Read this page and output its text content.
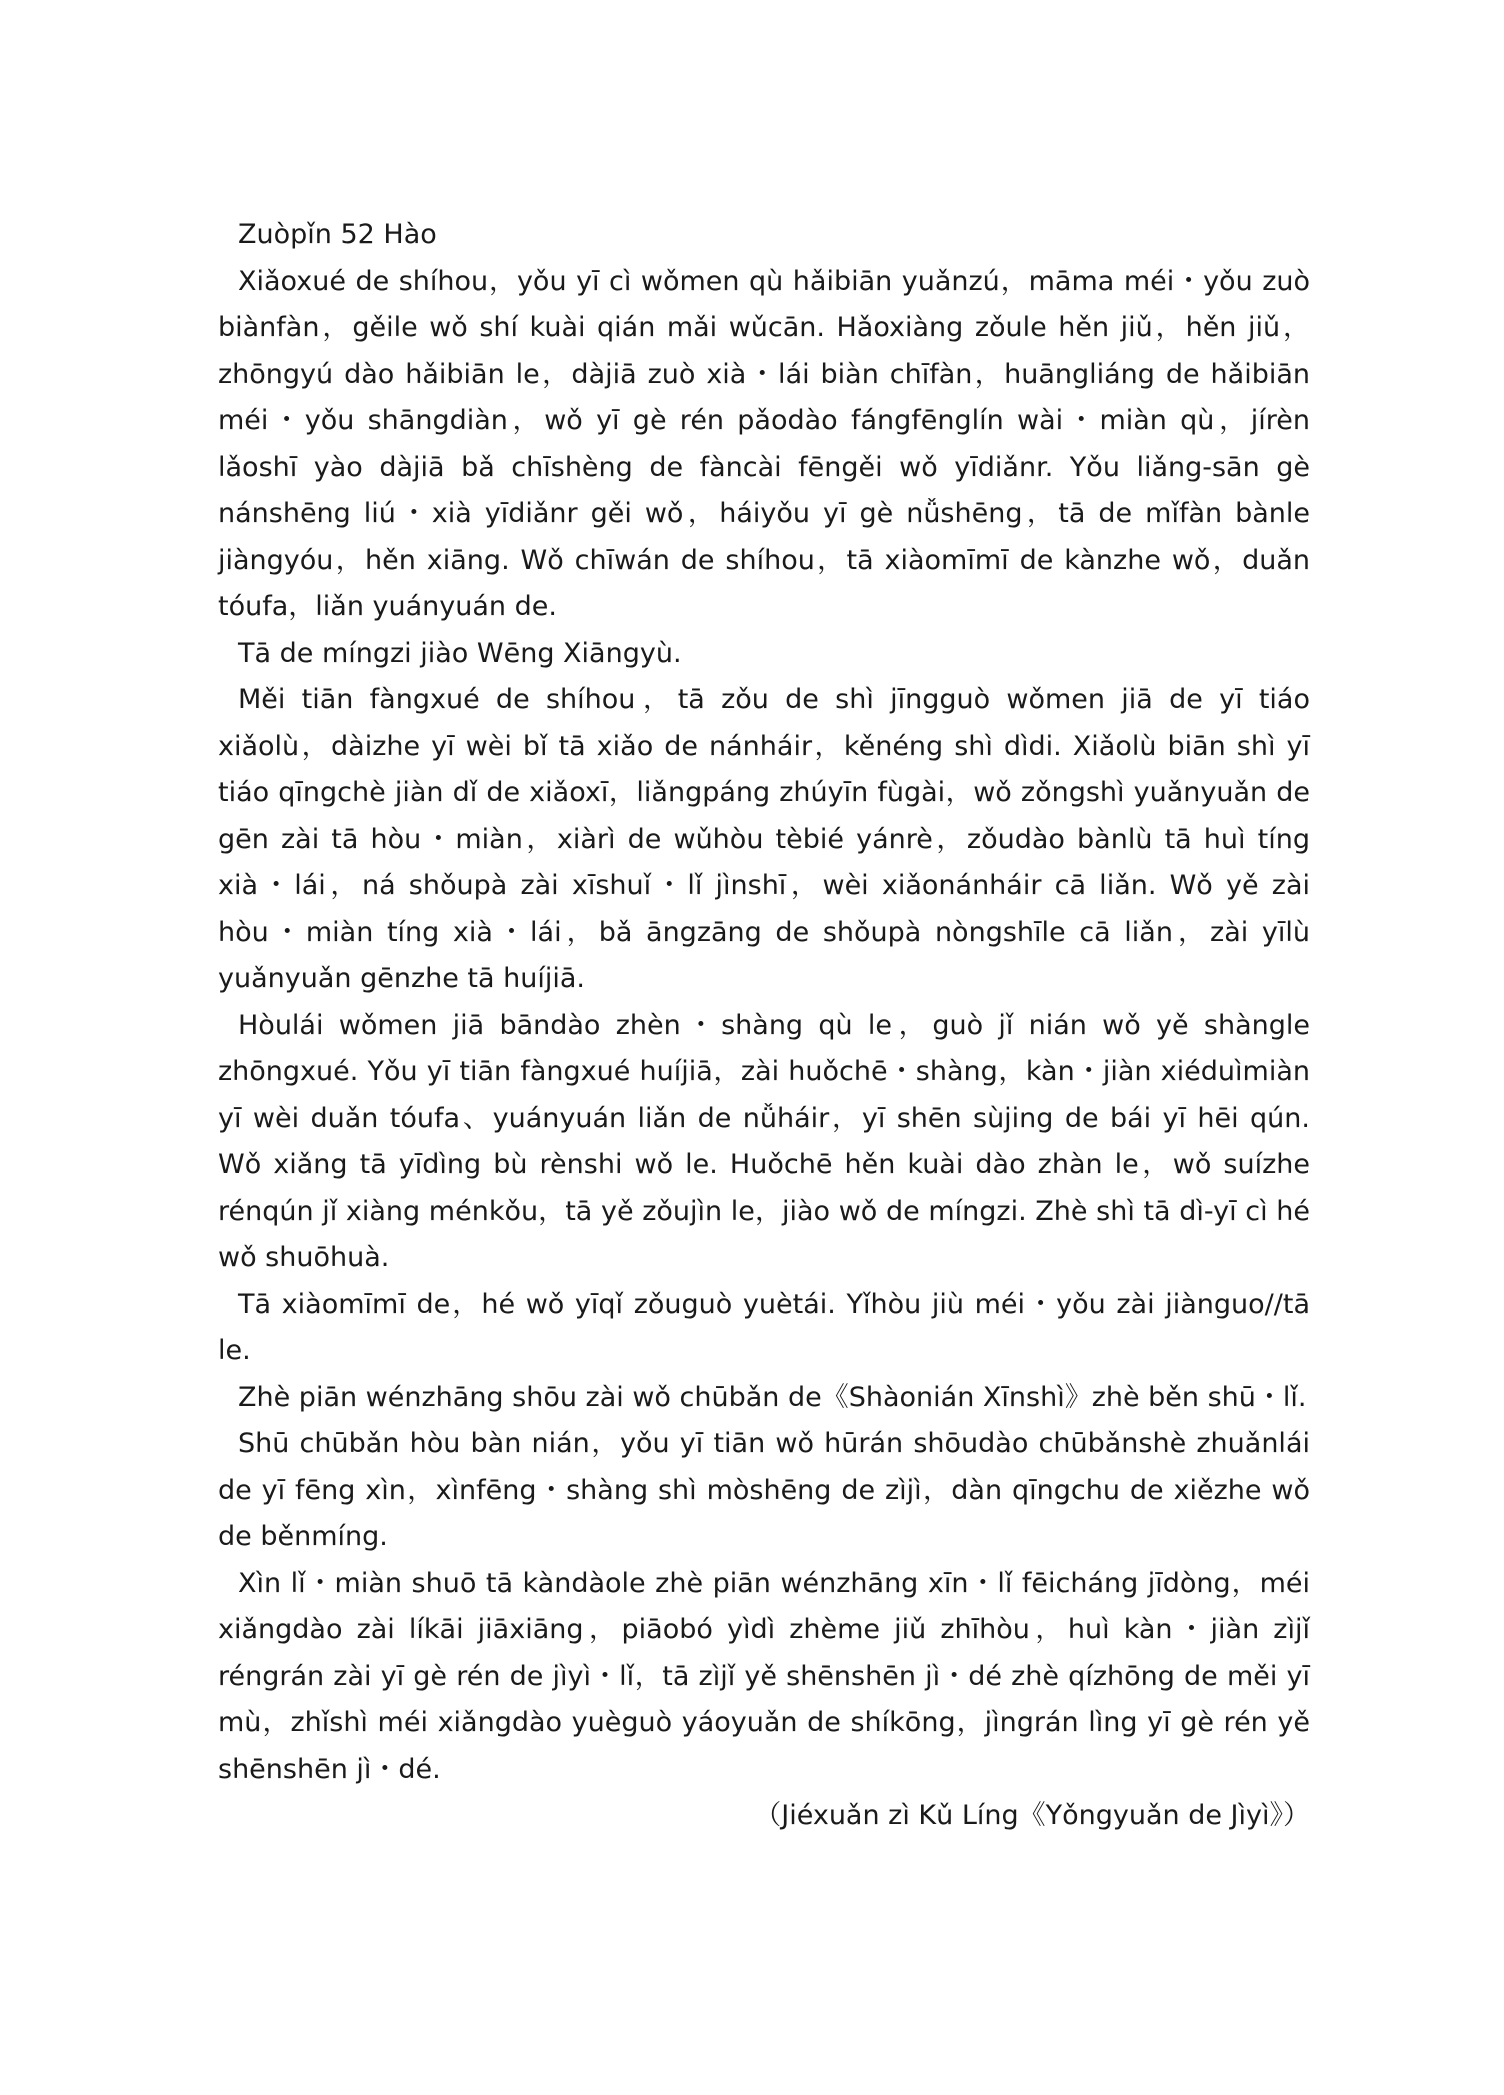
Zuòpǐn 52 Hào

Xiǎoxué de shíhou，yǒu yī cì wǒmen qù hǎibiān yuǎnzú，māma méi・yǒu zuò biànfàn，gěile wǒ shí kuài qián mǎi wǔcān. Hǎoxiàng zǒule hěn jiǔ，hěn jiǔ，zhōngyú dào hǎibiān le，dàjiā zuò xià・lái biàn chīfàn，huāngliáng de hǎibiān méi・yǒu shāngdiàn，wǒ yī gè rén pǎodào fángfēnglín wài・miàn qù，jírèn lǎoshī yào dàjiā bǎ chīshèng de fàncài fēngěi wǒ yīdiǎnr. Yǒu liǎng-sān gè nánshēng liú・xià yīdiǎnr gěi wǒ，háiyǒu yī gè nǚshēng，tā de mǐfàn bànle jiàngyóu，hěn xiāng. Wǒ chīwán de shíhou，tā xiàomīmī de kànzhe wǒ，duǎn tóufa，liǎn yuányuán de.

Tā de míngzi jiào Wēng Xiāngyù.

Měi tiān fàngxué de shíhou，tā zǒu de shì jīngguò wǒmen jiā de yī tiáo xiǎolù，dàizhe yī wèi bǐ tā xiǎo de nánháir，kěnéng shì dìdi. Xiǎolù biān shì yī tiáo qīngchè jiàn dǐ de xiǎoxī，liǎngpáng zhúyīn fùgài，wǒ zǒngshì yuǎnyuǎn de gēn zài tā hòu・miàn，xiàrì de wǔhòu tèbié yánrè，zǒudào bànlù tā huì tíng xià・lái，ná shǒupà zài xīshuǐ・lǐ jìnshī，wèi xiǎonánháir cā liǎn. Wǒ yě zài hòu・miàn tíng xià・lái，bǎ āngzāng de shǒupà nòngshīle cā liǎn，zài yīlù yuǎnyuǎn gēnzhe tā huíjiā.

Hòulái wǒmen jiā bāndào zhèn・shàng qù le，guò jǐ nián wǒ yě shàngle zhōngxué. Yǒu yī tiān fàngxué huíjiā，zài huǒchē・shàng，kàn・jiàn xiéduìmiàn yī wèi duǎn tóufa、yuányuán liǎn de nǚháir，yī shēn sùjing de bái yī hēi qún. Wǒ xiǎng tā yīdìng bù rènshi wǒ le. Huǒchē hěn kuài dào zhàn le，wǒ suízhe rénqún jǐ xiàng ménkǒu，tā yě zǒujìn le，jiào wǒ de míngzi. Zhè shì tā dì-yī cì hé wǒ shuōhuà.

Tā xiàomīmī de，hé wǒ yīqǐ zǒuguò yuètái. Yǐhòu jiù méi・yǒu zài jiànguo//tā le.

Zhè piān wénzhāng shōu zài wǒ chūbǎn de《Shàonián Xīnshì》zhè běn shū・lǐ.

Shū chūbǎn hòu bàn nián，yǒu yī tiān wǒ hūrán shōudào chūbǎnshè zhuǎnlái de yī fēng xìn，xìnfēng・shàng shì mòshēng de zìjì，dàn qīngchu de xiězhe wǒ de běnmíng.

Xìn lǐ・miàn shuō tā kàndàole zhè piān wénzhāng xīn・lǐ fēicháng jīdòng，méi xiǎngdào zài líkāi jiāxiāng，piāobó yìdì zhème jiǔ zhīhòu，huì kàn・jiàn zìjǐ réngrán zài yī gè rén de jìyì・lǐ，tā zìjǐ yě shēnshēn jì・dé zhè qízhōng de měi yī mù，zhǐshì méi xiǎngdào yuèguò yáoyuǎn de shíkōng，jìngrán lìng yī gè rén yě shēnshēn jì・dé.

（Jiéxuǎn zì Kǔ Líng《Yǒngyuǎn de Jìyì》）
